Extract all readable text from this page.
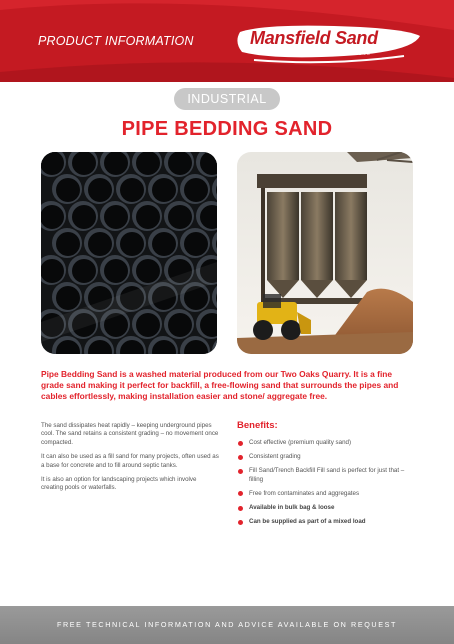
PRODUCT INFORMATION	Mansfield Sand
ESTABLISHED 1948
INDUSTRIAL
PIPE BEDDING SAND
Pipe Bedding Sand is a washed material produced from our Two Oaks Quarry. It is a fine grade sand making it perfect for backfill, a free-flowing sand that surrounds the pipes and cables effortlessly, making installation easier and stone/ aggregate free.

The sand dissipates heat rapidly – keeping underground pipes cool. The sand retains a consistent grading – no movement once compacted.

It can also be used as a fill sand for many projects, often used as a base for concrete and to fill around septic tanks.

It is also an option for landscaping projects which involve creating pools or waterfalls.

Benefits:
Cost effective (premium quality sand)
Consistent grading
Fill Sand/Trench Backfill Fill sand is perfect for just that – filling
Free from contaminates and aggregates
Available in bulk bag & loose
Can be supplied as part of a mixed load
FREE TECHNICAL INFORMATION AND ADVICE AVAILABLE ON REQUEST
